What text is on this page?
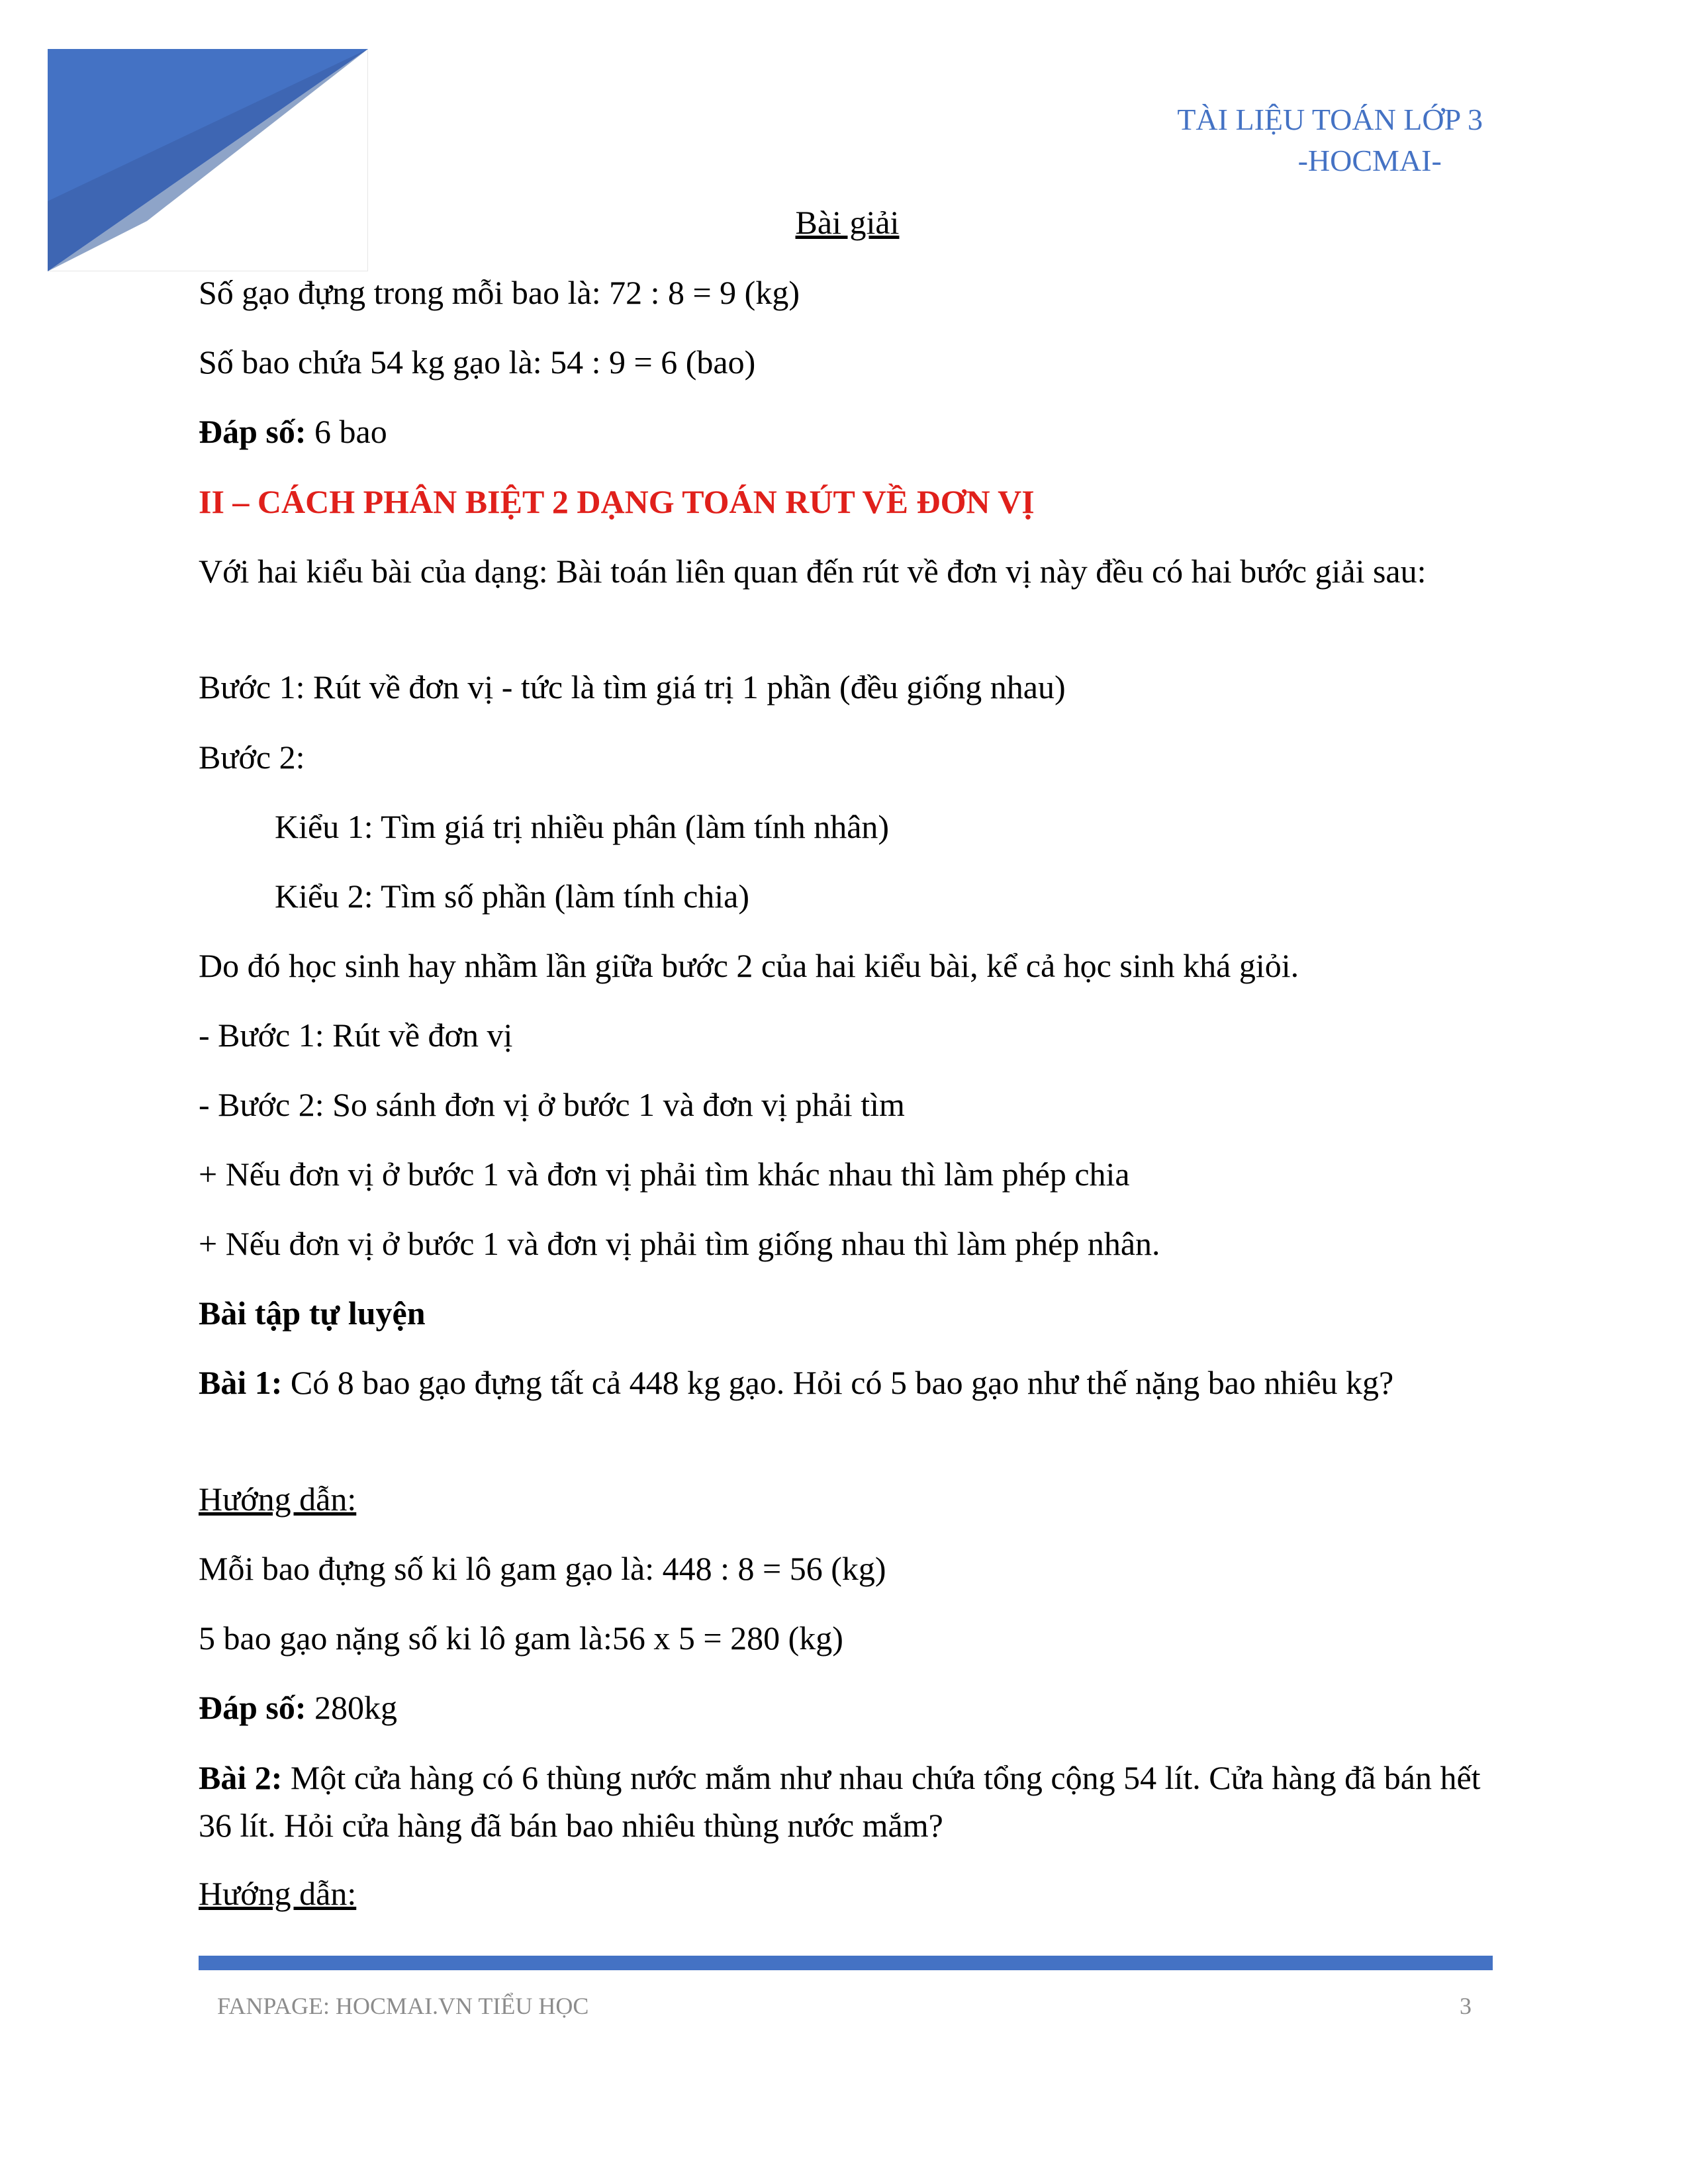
TÀI LIỆU TOÁN LỚP 3
-HOCMAI-
Bài giải
Số gạo đựng trong mỗi bao là: 72 : 8 = 9 (kg)
Số bao chứa 54 kg gạo là: 54 : 9 = 6 (bao)
Đáp số: 6 bao
II – CÁCH PHÂN BIỆT 2 DẠNG TOÁN RÚT VỀ ĐƠN VỊ
Với hai kiểu bài của dạng: Bài toán liên quan đến rút về đơn vị này đều có hai bước giải sau:
Bước 1: Rút về đơn vị - tức là tìm giá trị 1 phần (đều giống nhau)
Bước 2:
Kiểu 1: Tìm giá trị nhiều phân (làm tính nhân)
Kiểu 2: Tìm số phần (làm tính chia)
Do đó học sinh hay nhầm lần giữa bước 2 của hai kiểu bài, kể cả học sinh khá giỏi.
- Bước 1: Rút về đơn vị
- Bước 2: So sánh đơn vị ở bước 1 và đơn vị phải tìm
+ Nếu đơn vị ở bước 1 và đơn vị phải tìm khác nhau thì làm phép chia
+ Nếu đơn vị ở bước 1 và đơn vị phải tìm giống nhau thì làm phép nhân.
Bài tập tự luyện
Bài 1: Có 8 bao gạo đựng tất cả 448 kg gạo. Hỏi có 5 bao gạo như thế nặng bao nhiêu kg?
Hướng dẫn:
Mỗi bao đựng số ki lô gam gạo là: 448 : 8 = 56 (kg)
5 bao gạo nặng số ki lô gam là:56 x 5 = 280 (kg)
Đáp số: 280kg
Bài 2: Một cửa hàng có 6 thùng nước mắm như nhau chứa tổng cộng 54 lít. Cửa hàng đã bán hết 36 lít. Hỏi cửa hàng đã bán bao nhiêu thùng nước mắm?
Hướng dẫn:
FANPAGE: HOCMAI.VN TIỂU HỌC	3
